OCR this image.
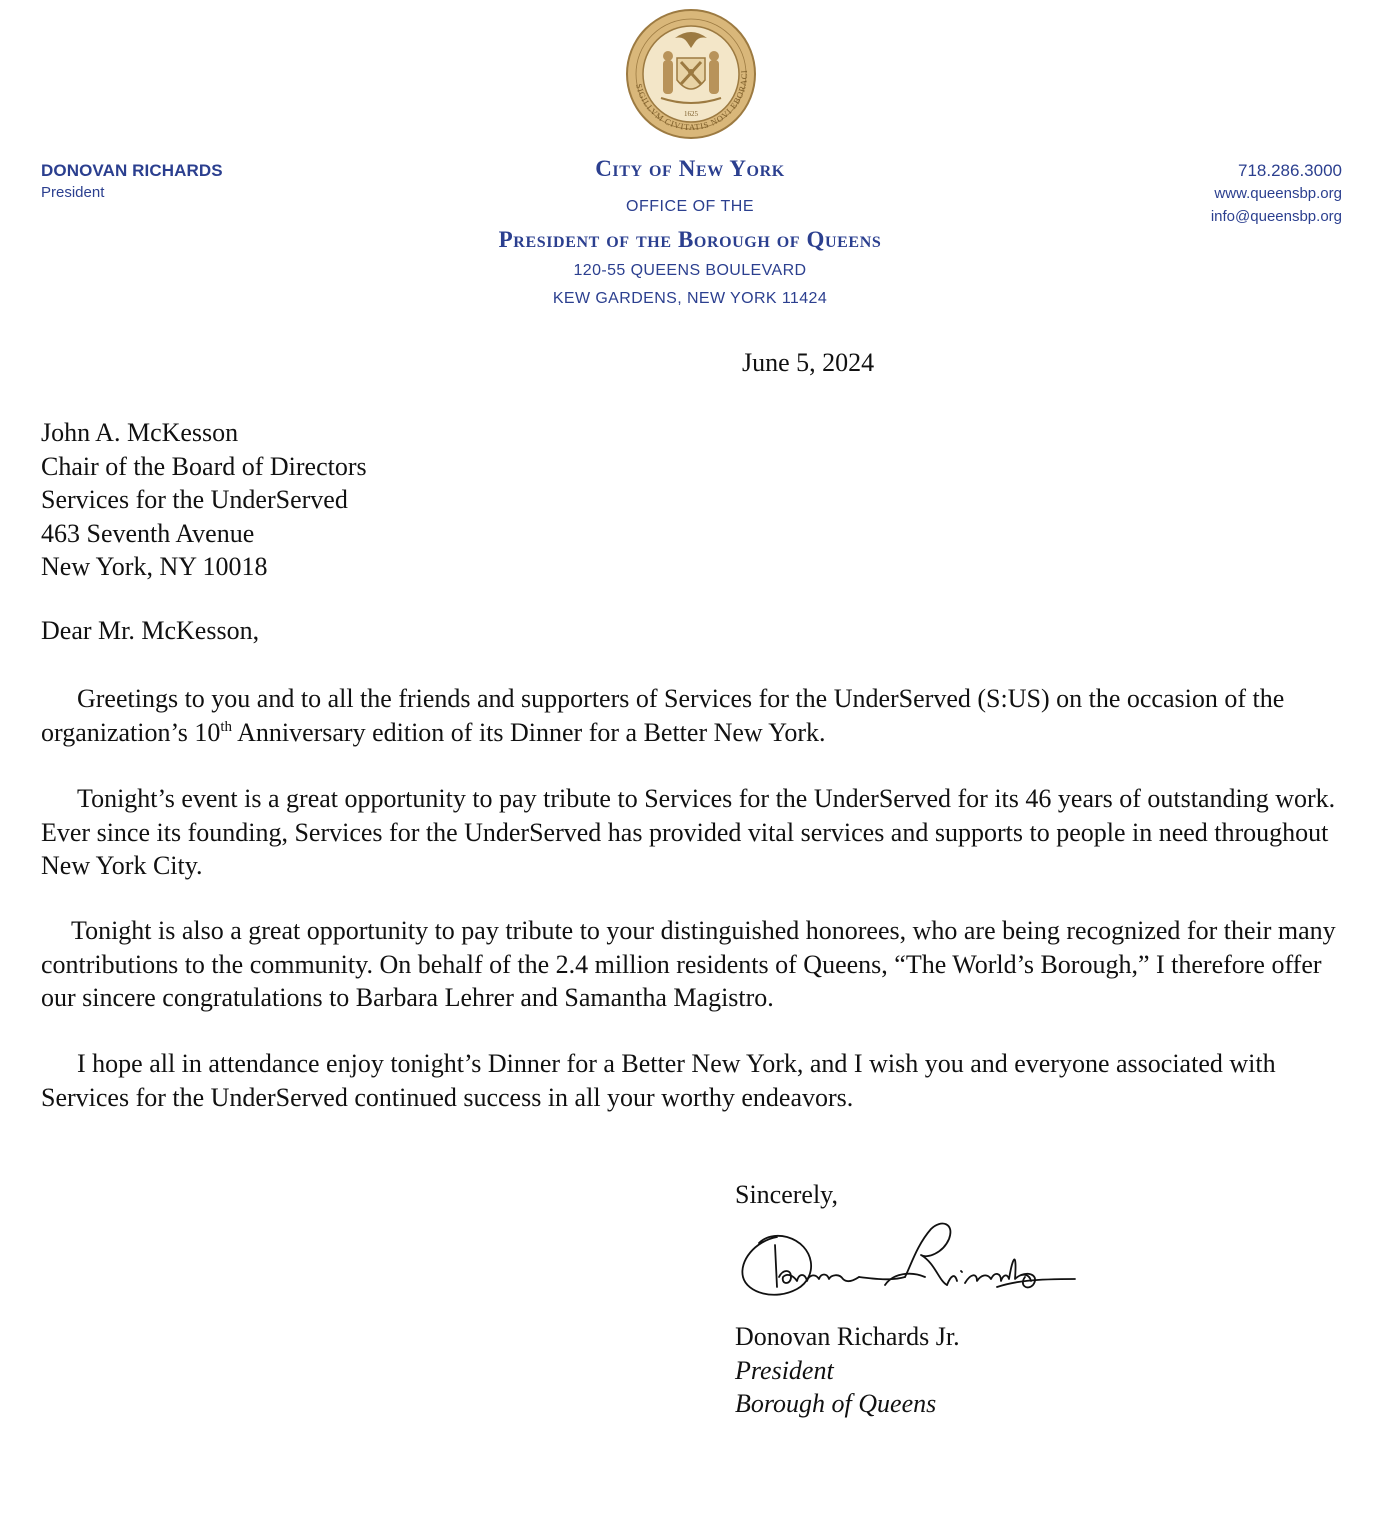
SIGILLVM CIVITATIS NOVI EBORACI
1625
DONOVAN RICHARDS
President
City of New York
OFFICE OF THE
President of the Borough of Queens
120-55 QUEENS BOULEVARD
KEW GARDENS, NEW YORK 11424
718.286.3000
www.queensbp.org
info@queensbp.org
June 5, 2024
John A. McKesson
Chair of the Board of Directors
Services for the UnderServed
463 Seventh Avenue
New York, NY 10018
Dear Mr. McKesson,

Greetings to you and to all the friends and supporters of Services for the UnderServed (S:US) on the occasion of the organization’s 10th Anniversary edition of its Dinner for a Better New York.

Tonight’s event is a great opportunity to pay tribute to Services for the UnderServed for its 46 years of outstanding work. Ever since its founding, Services for the UnderServed has provided vital services and supports to people in need throughout New York City.

Tonight is also a great opportunity to pay tribute to your distinguished honorees, who are being recognized for their many contributions to the community. On behalf of the 2.4 million residents of Queens, “The World’s Borough,” I therefore offer our sincere congratulations to Barbara Lehrer and Samantha Magistro.

I hope all in attendance enjoy tonight’s Dinner for a Better New York, and I wish you and everyone associated with Services for the UnderServed continued success in all your worthy endeavors.

Sincerely,
Donovan Richards Jr.
President
Borough of Queens
